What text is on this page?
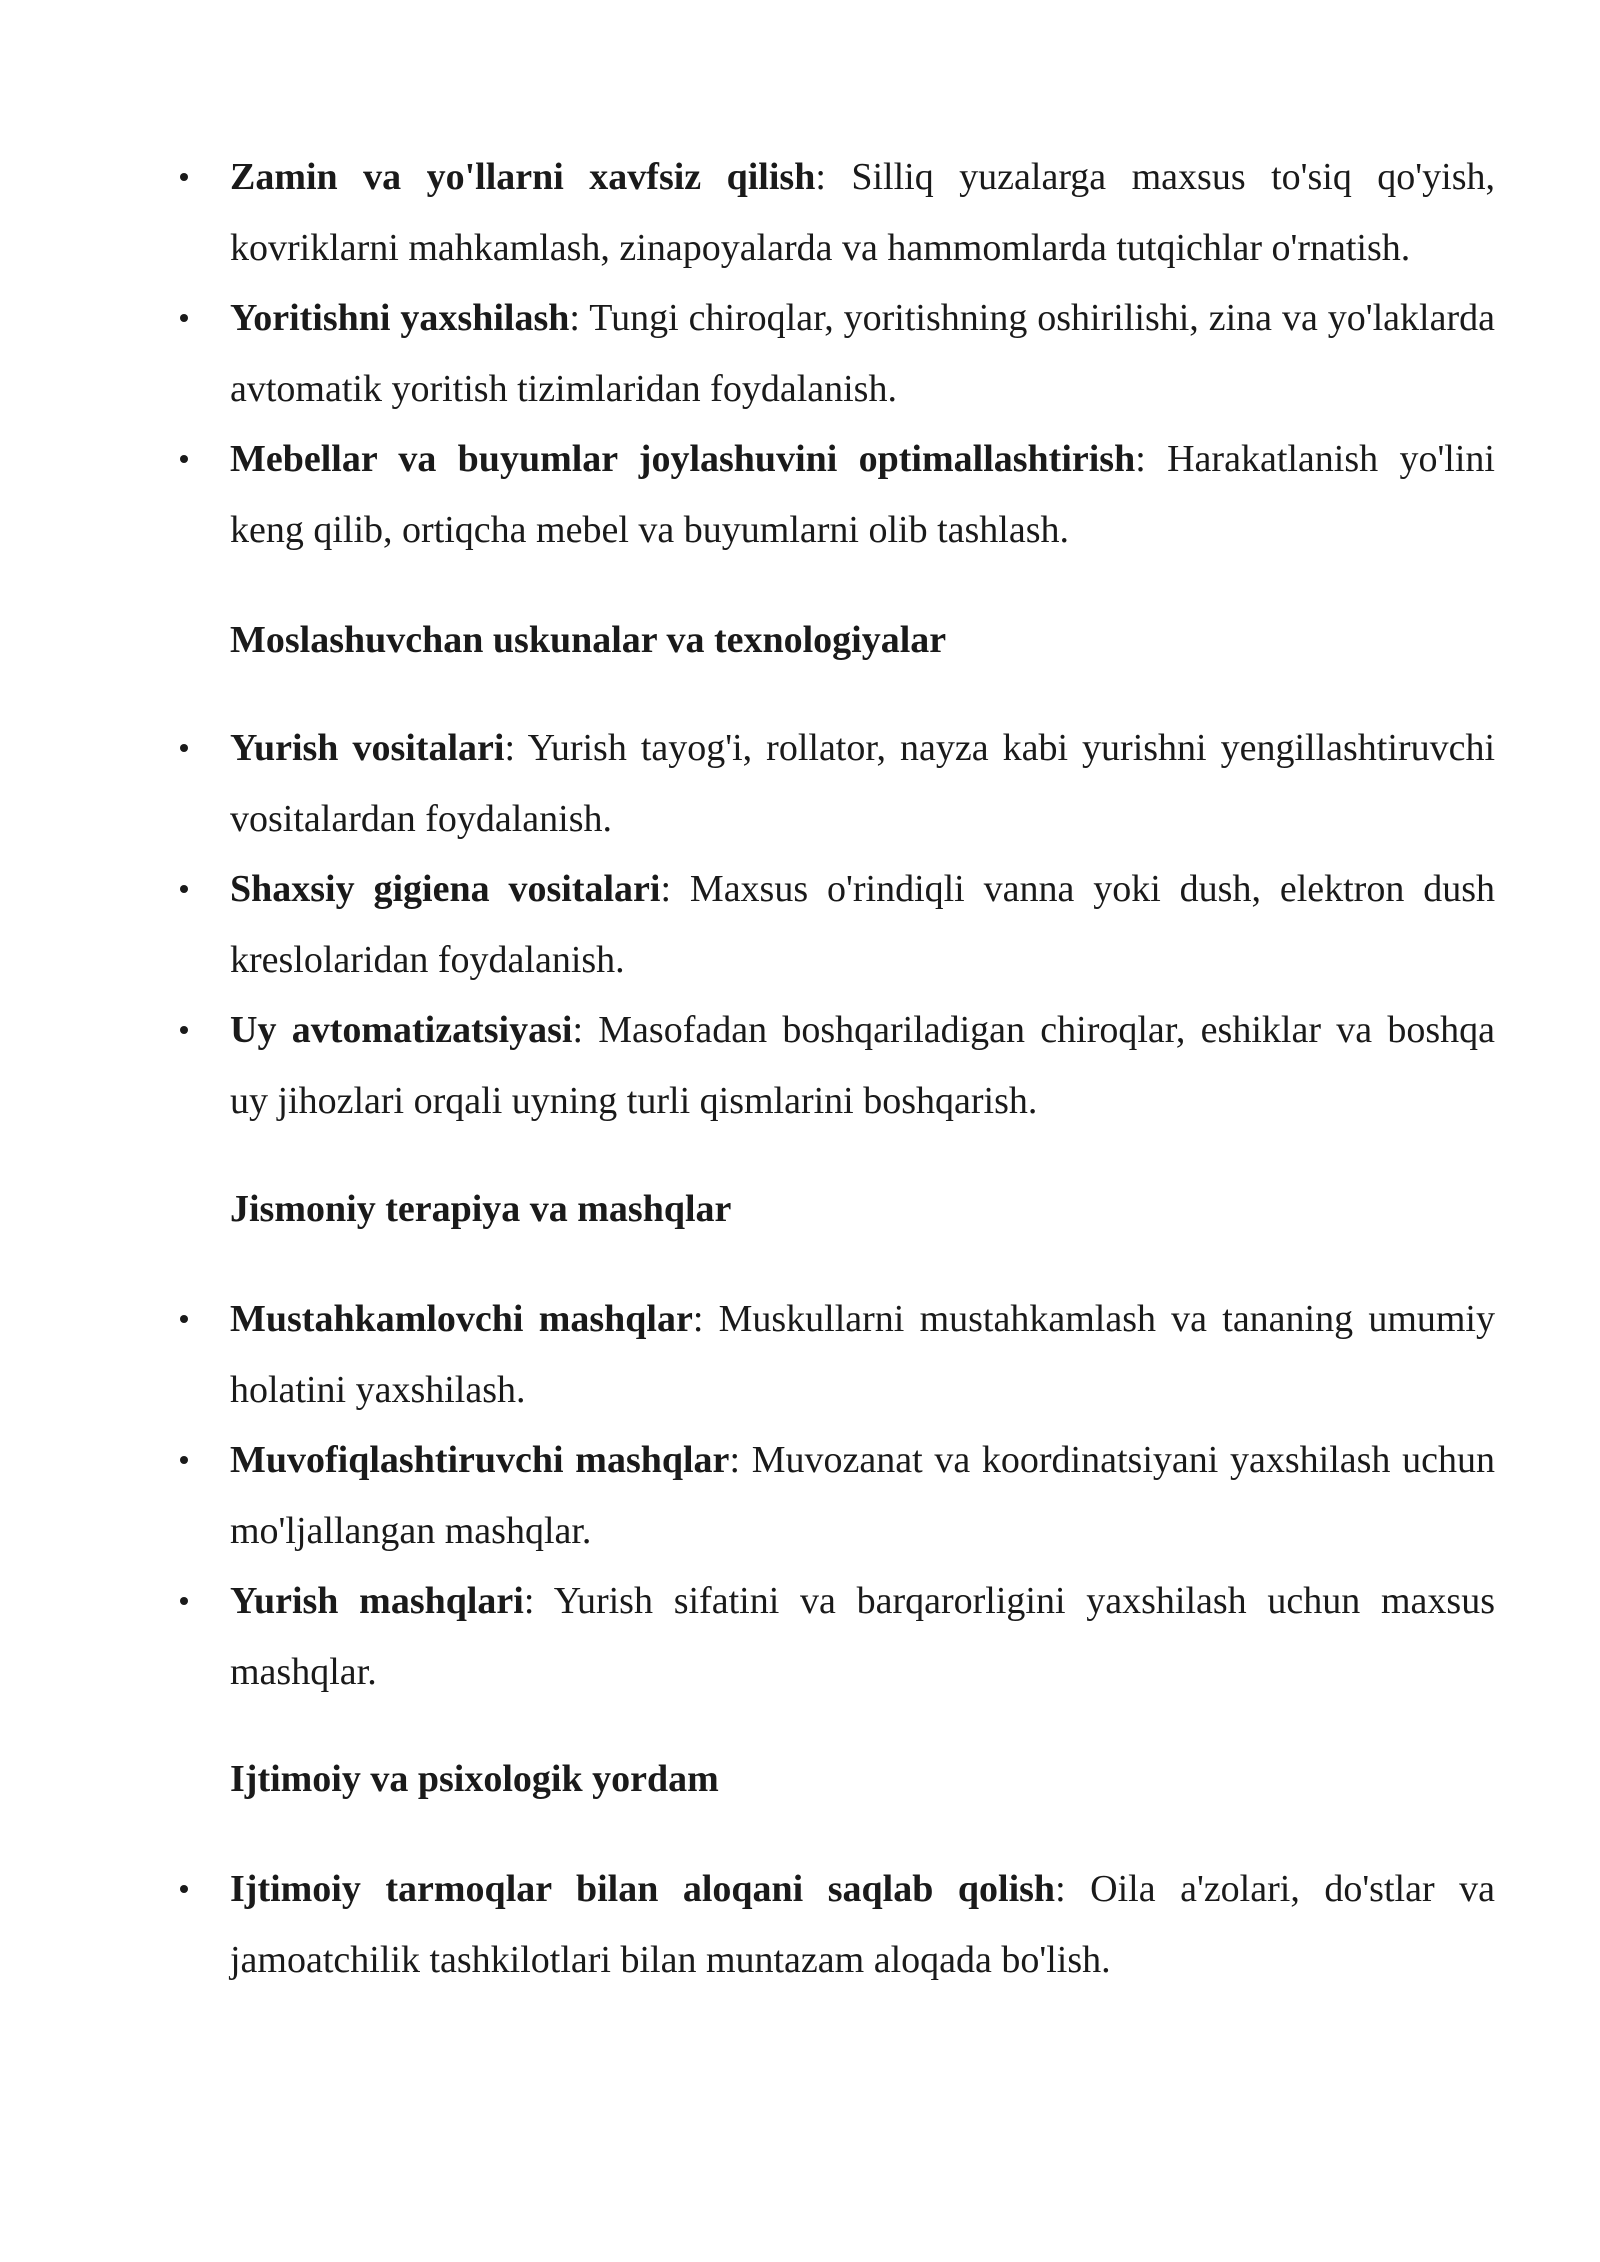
Zamin va yo'llarni xavfsiz qilish: Silliq yuzalarga maxsus to'siq qo'yish, kovriklarni mahkamlash, zinapoyalarda va hammomlarda tutqichlar o'rnatish.
Yoritishni yaxshilash: Tungi chiroqlar, yoritishning oshirilishi, zina va yo'laklarda avtomatik yoritish tizimlaridan foydalanish.
Mebellar va buyumlar joylashuvini optimallashtirish: Harakatlanish yo'lini keng qilib, ortiqcha mebel va buyumlarni olib tashlash.
Moslashuvchan uskunalar va texnologiyalar
Yurish vositalari: Yurish tayog'i, rollator, nayza kabi yurishni yengillashtiruvchi vositalardan foydalanish.
Shaxsiy gigiena vositalari: Maxsus o'rindiqli vanna yoki dush, elektron dush kreslolaridan foydalanish.
Uy avtomatizatsiyasi: Masofadan boshqariladigan chiroqlar, eshiklar va boshqa uy jihozlari orqali uyning turli qismlarini boshqarish.
Jismoniy terapiya va mashqlar
Mustahkamlovchi mashqlar: Muskullarni mustahkamlash va tananing umumiy holatini yaxshilash.
Muvofiqlashtiruvchi mashqlar: Muvozanat va koordinatsiyani yaxshilash uchun mo'ljallangan mashqlar.
Yurish mashqlari: Yurish sifatini va barqarorligini yaxshilash uchun maxsus mashqlar.
Ijtimoiy va psixologik yordam
Ijtimoiy tarmoqlar bilan aloqani saqlab qolish: Oila a'zolari, do'stlar va jamoatchilik tashkilotlari bilan muntazam aloqada bo'lish.
